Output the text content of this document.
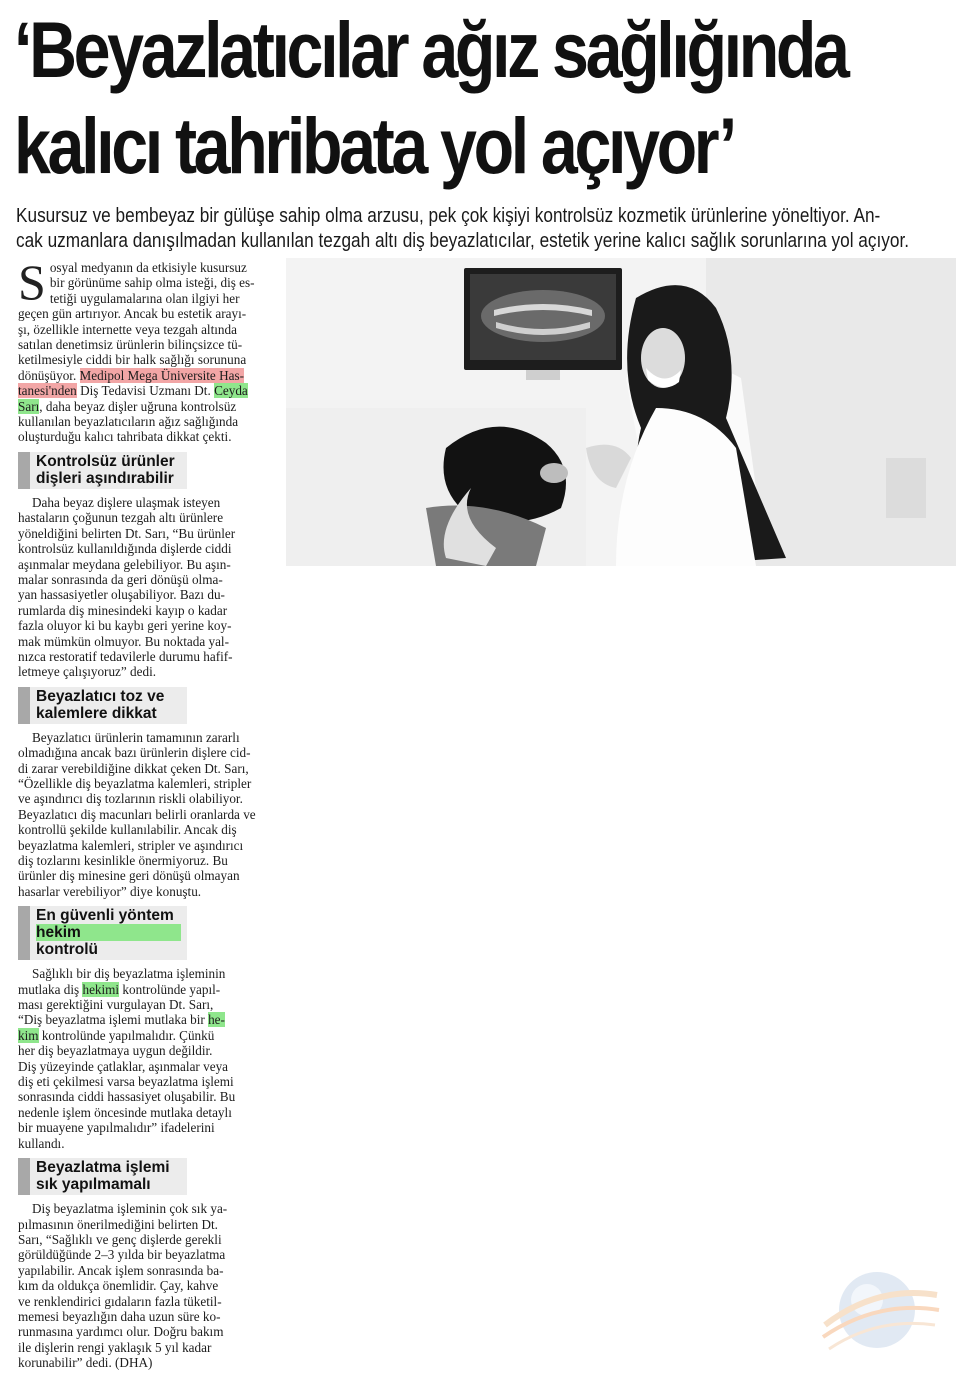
‘Beyazlatıcılar ağız sağlığında
kalıcı tahribata yol açıyor’
Kusursuz ve bembeyaz bir gülüşe sahip olma arzusu, pek çok kişiyi kontrolsüz kozmetik ürünlerine yöneltiyor. An-
cak uzmanlara danışılmadan kullanılan tezgah altı diş beyazlatıcılar, estetik yerine kalıcı sağlık sorunlarına yol açıyor.

S osyal medyanın da etkisiyle kusursuz
bir görünüme sahip olma isteği, diş es-
tetiği uygulamalarına olan ilgiyi her
geçen gün artırıyor. Ancak bu estetik arayı-
şı, özellikle internette veya tezgah altında
satılan denetimsiz ürünlerin bilinçsizce tü-
ketilmesiyle ciddi bir halk sağlığı sorununa
dönüşüyor. Medipol Mega Üniversite Has-
tanesi'nden Diş Tedavisi Uzmanı Dt. Ceyda
Sarı, daha beyaz dişler uğruna kontrolsüz
kullanılan beyazlatıcıların ağız sağlığında
oluşturduğu kalıcı tahribata dikkat çekti.

Kontrolsüz ürünler
dişleri aşındırabilir

Daha beyaz dişlere ulaşmak isteyen
hastaların çoğunun tezgah altı ürünlere
yöneldiğini belirten Dt. Sarı, “Bu ürünler
kontrolsüz kullanıldığında dişlerde ciddi
aşınmalar meydana gelebiliyor. Bu aşın-
malar sonrasında da geri dönüşü olma-
yan hassasiyetler oluşabiliyor. Bazı du-
rumlarda diş minesindeki kayıp o kadar
fazla oluyor ki bu kaybı geri yerine koy-
mak mümkün olmuyor. Bu noktada yal-
nızca restoratif tedavilerle durumu hafif-
letmeye çalışıyoruz” dedi.

Beyazlatıcı toz ve
kalemlere dikkat

Beyazlatıcı ürünlerin tamamının zararlı
olmadığına ancak bazı ürünlerin dişlere cid-
di zarar verebildiğine dikkat çeken Dt. Sarı,
“Özellikle diş beyazlatma kalemleri, stripler
ve aşındırıcı diş tozlarının riskli olabiliyor.
Beyazlatıcı diş macunları belirli oranlarda ve
kontrollü şekilde kullanılabilir. Ancak diş
beyazlatma kalemleri, stripler ve aşındırıcı
diş tozlarını kesinlikle önermiyoruz. Bu
ürünler diş minesine geri dönüşü olmayan
hasarlar verebiliyor” diye konuştu.

En güvenli yöntem
hekim
kontrolü

Sağlıklı bir diş beyazlatma işleminin
mutlaka diş hekimi kontrolünde yapıl-
ması gerektiğini vurgulayan Dt. Sarı,
“Diş beyazlatma işlemi mutlaka bir he-
kim kontrolünde yapılmalıdır. Çünkü
her diş beyazlatmaya uygun değildir.
Diş yüzeyinde çatlaklar, aşınmalar veya
diş eti çekilmesi varsa beyazlatma işlemi
sonrasında ciddi hassasiyet oluşabilir. Bu
nedenle işlem öncesinde mutlaka detaylı
bir muayene yapılmalıdır” ifadelerini
kullandı.

Beyazlatma işlemi
sık yapılmamalı

Diş beyazlatma işleminin çok sık ya-
pılmasının önerilmediğini belirten Dt.
Sarı, “Sağlıklı ve genç dişlerde gerekli
görüldüğünde 2–3 yılda bir beyazlatma
yapılabilir. Ancak işlem sonrasında ba-
kım da oldukça önemlidir. Çay, kahve
ve renklendirici gıdaların fazla tüketil-
memesi beyazlığın daha uzun süre ko-
runmasına yardımcı olur. Doğru bakım
ile dişlerin rengi yaklaşık 5 yıl kadar
korunabilir” dedi. (DHA)
